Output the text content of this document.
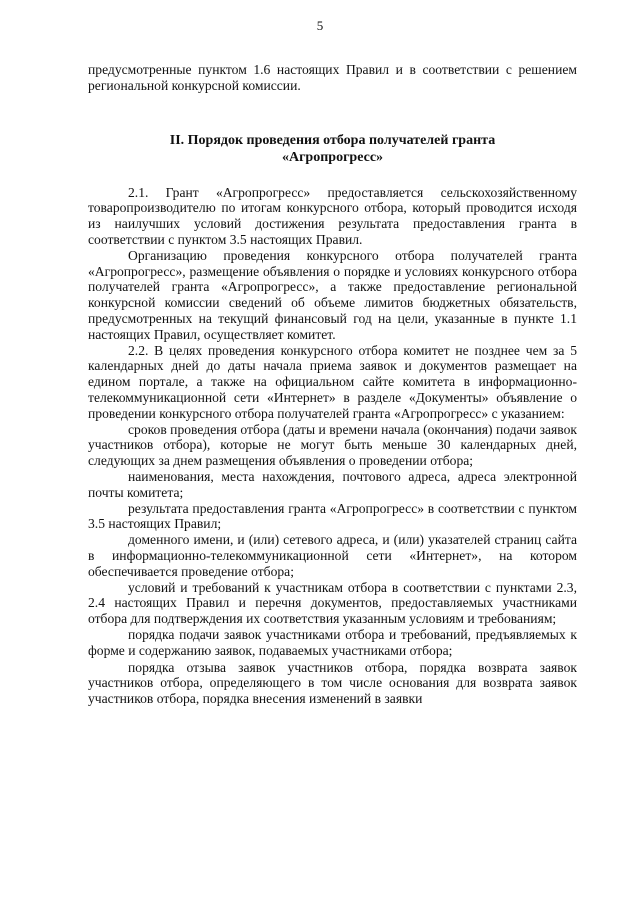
5

предусмотренные пунктом 1.6 настоящих Правил и в соответствии с решением региональной конкурсной комиссии.

II. Порядок проведения отбора получателей гранта
«Агропрогресс»

2.1. Грант «Агропрогресс» предоставляется сельскохозяйственному товаропроизводителю по итогам конкурсного отбора, который проводится исходя из наилучших условий достижения результата предоставления гранта в соответствии с пунктом 3.5 настоящих Правил.

Организацию проведения конкурсного отбора получателей гранта «Агропрогресс», размещение объявления о порядке и условиях конкурсного отбора получателей гранта «Агропрогресс», а также предоставление региональной конкурсной комиссии сведений об объеме лимитов бюджетных обязательств, предусмотренных на текущий финансовый год на цели, указанные в пункте 1.1 настоящих Правил, осуществляет комитет.

2.2. В целях проведения конкурсного отбора комитет не позднее чем за 5 календарных дней до даты начала приема заявок и документов размещает на едином портале, а также на официальном сайте комитета в информационно-телекоммуникационной сети «Интернет» в разделе «Документы» объявление о проведении конкурсного отбора получателей гранта «Агропрогресс» с указанием:

сроков проведения отбора (даты и времени начала (окончания) подачи заявок участников отбора), которые не могут быть меньше 30 календарных дней, следующих за днем размещения объявления о проведении отбора;

наименования, места нахождения, почтового адреса, адреса электронной почты комитета;

результата предоставления гранта «Агропрогресс» в соответствии с пунктом 3.5 настоящих Правил;

доменного имени, и (или) сетевого адреса, и (или) указателей страниц сайта в информационно-телекоммуникационной сети «Интернет», на котором обеспечивается проведение отбора;

условий и требований к участникам отбора в соответствии с пунктами 2.3, 2.4 настоящих Правил и перечня документов, предоставляемых участниками отбора для подтверждения их соответствия указанным условиям и требованиям;

порядка подачи заявок участниками отбора и требований, предъявляемых к форме и содержанию заявок, подаваемых участниками отбора;

порядка отзыва заявок участников отбора, порядка возврата заявок участников отбора, определяющего в том числе основания для возврата заявок участников отбора, порядка внесения изменений в заявки
